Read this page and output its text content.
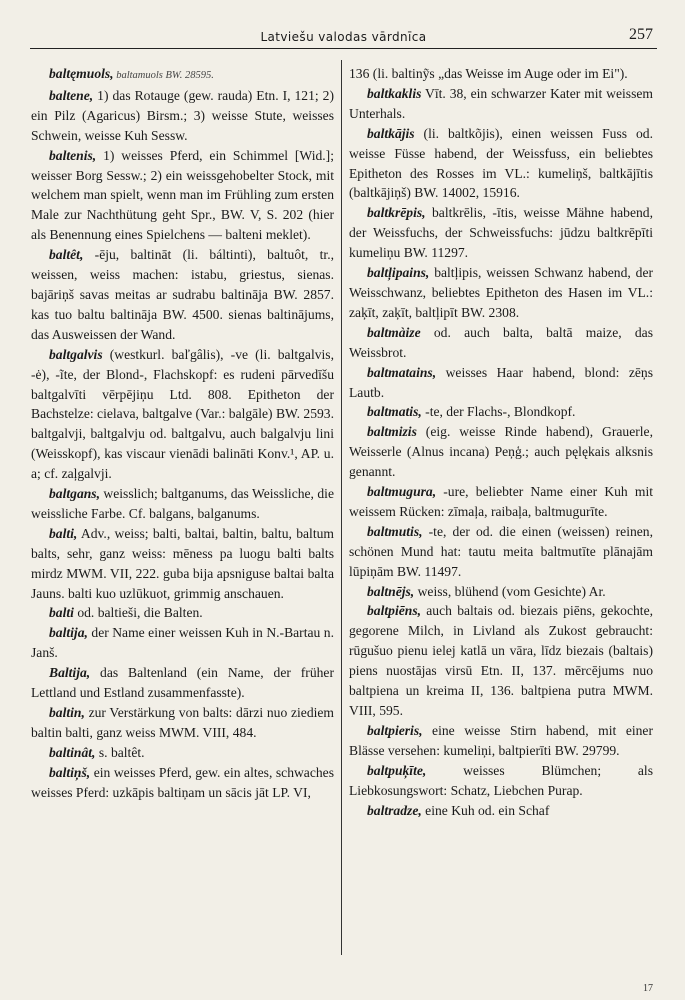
Latviešu valodas vārdnīca	257

baltęmuols, baltamuols BW. 28595.

baltene, 1) das Rotauge (gew. rauda) Etn. I, 121; 2) ein Pilz (Agaricus) Birsm.; 3) weisse Stute, weisses Schwein, weisse Kuh Sessw.

baltenis, 1) weisses Pferd, ein Schimmel [Wid.]; weisser Borg Sessw.; 2) ein weissgehobelter Stock, mit welchem man spielt, wenn man im Frühling zum ersten Male zur Nachthütung geht Spr., BW. V, S. 202 (hier als Benennung eines Spielchens — balteni meklet).

baltêt, -ēju, baltināt (li. báltinti), baltuôt, tr., weissen, weiss machen: istabu, griestus, sienas. bajāriņš savas meitas ar sudrabu baltināja BW. 2857. kas tuo baltu baltināja BW. 4500. sienas baltinājums, das Ausweissen der Wand.

baltgalvis (westkurl. baľgâlis), -ve (li. baltgalvis, -ė), -ĩte, der Blond-, Flachskopf: es rudeni pārvedīšu baltgalvīti vērpējiņu Ltd. 808. Epitheton der Bachstelze: cielava, baltgalve (Var.: balgāle) BW. 2593. baltgalvji, baltgalvju od. baltgalvu, auch balgalvju lini (Weisskopf), kas viscaur vienādi balināti Konv.¹, AP. u. a; cf. zaļgalvji.

baltgans, weisslich; baltganums, das Weissliche, die weissliche Farbe. Cf. balgans, balganums.

balti, Adv., weiss; balti, baltai, baltin, baltu, baltum balts, sehr, ganz weiss: mēness pa luogu balti balts mirdz MWM. VII, 222. guba bija apsniguse baltai balta Jauns. balti kuo uzlūkuot, grimmig anschauen.

balti od. baltieši, die Balten.

baltija, der Name einer weissen Kuh in N.-Bartau n. Janš.

Baltija, das Baltenland (ein Name, der früher Lettland und Estland zusammenfasste).

baltin, zur Verstärkung von balts: dārzi nuo ziediem baltin balti, ganz weiss MWM. VIII, 484.

baltinât, s. baltêt.

baltiņš, ein weisses Pferd, gew. ein altes, schwaches weisses Pferd: uzkāpis baltiņam un sācis jāt LP. VI,

136 (li. baltinỹs „das Weisse im Auge oder im Ei").

baltkaklis Vīt. 38, ein schwarzer Kater mit weissem Unterhals.

baltkājis (li. baltkõjis), einen weissen Fuss od. weisse Füsse habend, der Weissfuss, ein beliebtes Epitheton des Rosses im VL.: kumeliņš, baltkājītis (baltkājiņš) BW. 14002, 15916.

baltkrēpis, baltkrēlis, -ītis, weisse Mähne habend, der Weissfuchs, der Schweissfuchs: jūdzu baltkrēpīti kumeliņu BW. 11297.

baltļipains, baltļipis, weissen Schwanz habend, der Weisschwanz, beliebtes Epitheton des Hasen im VL.: zaķīt, zaķīt, baltļipīt BW. 2308.

baltmàize od. auch balta, baltā maize, das Weissbrot.

baltmatains, weisses Haar habend, blond: zēņs Lautb.

baltmatis, -te, der Flachs-, Blondkopf.

baltmizis (eig. weisse Rinde habend), Grauerle, Weisserle (Alnus incana) Peņģ.; auch pęlękais alksnis genannt.

baltmugura, -ure, beliebter Name einer Kuh mit weissem Rücken: zīmaļa, raibaļa, baltmugurīte.

baltmutis, -te, der od. die einen (weissen) reinen, schönen Mund hat: tautu meita baltmutīte plānajām lūpiņām BW. 11497.

baltnējs, weiss, blühend (vom Gesichte) Ar.

baltpiēns, auch baltais od. biezais piēns, gekochte, gegorene Milch, in Livland als Zukost gebraucht: rūgušuo pienu ielej katlā un vāra, līdz biezais (baltais) piens nuostājas virsū Etn. II, 137. mērcējums nuo baltpiena un kreima II, 136. baltpiena putra MWM. VIII, 595.

baltpieris, eine weisse Stirn habend, mit einer Blässe versehen: kumeliņi, baltpierīti BW. 29799.

baltpuķīte, weisses Blümchen; als Liebkosungswort: Schatz, Liebchen Purap.

baltradze, eine Kuh od. ein Schaf

17
